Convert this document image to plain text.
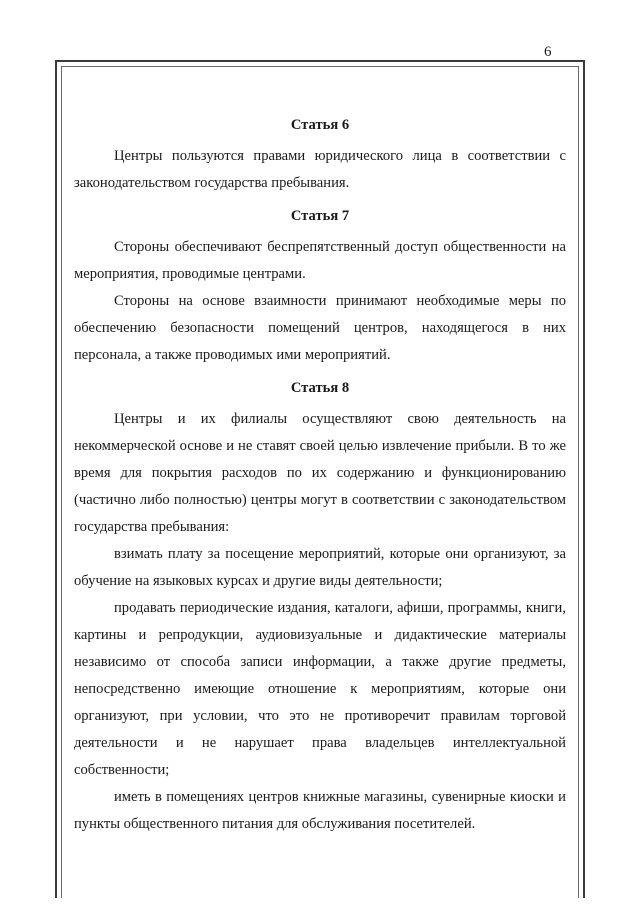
6

Статья 6

Центры пользуются правами юридического лица в соответствии с законодательством государства пребывания.

Статья 7

Стороны обеспечивают беспрепятственный доступ общественности на мероприятия, проводимые центрами.

Стороны на основе взаимности принимают необходимые меры по обеспечению безопасности помещений центров, находящегося в них персонала, а также проводимых ими мероприятий.

Статья 8

Центры и их филиалы осуществляют свою деятельность на некоммерческой основе и не ставят своей целью извлечение прибыли. В то же время для покрытия расходов по их содержанию и функционированию (частично либо полностью) центры могут в соответствии с законодательством государства пребывания:

взимать плату за посещение мероприятий, которые они организуют, за обучение на языковых курсах и другие виды деятельности;

продавать периодические издания, каталоги, афиши, программы, книги, картины и репродукции, аудиовизуальные и дидактические материалы независимо от способа записи информации, а также другие предметы, непосредственно имеющие отношение к мероприятиям, которые они организуют, при условии, что это не противоречит правилам торговой деятельности и не нарушает права владельцев интеллектуальной собственности;

иметь в помещениях центров книжные магазины, сувенирные киоски и пункты общественного питания для обслуживания посетителей.
